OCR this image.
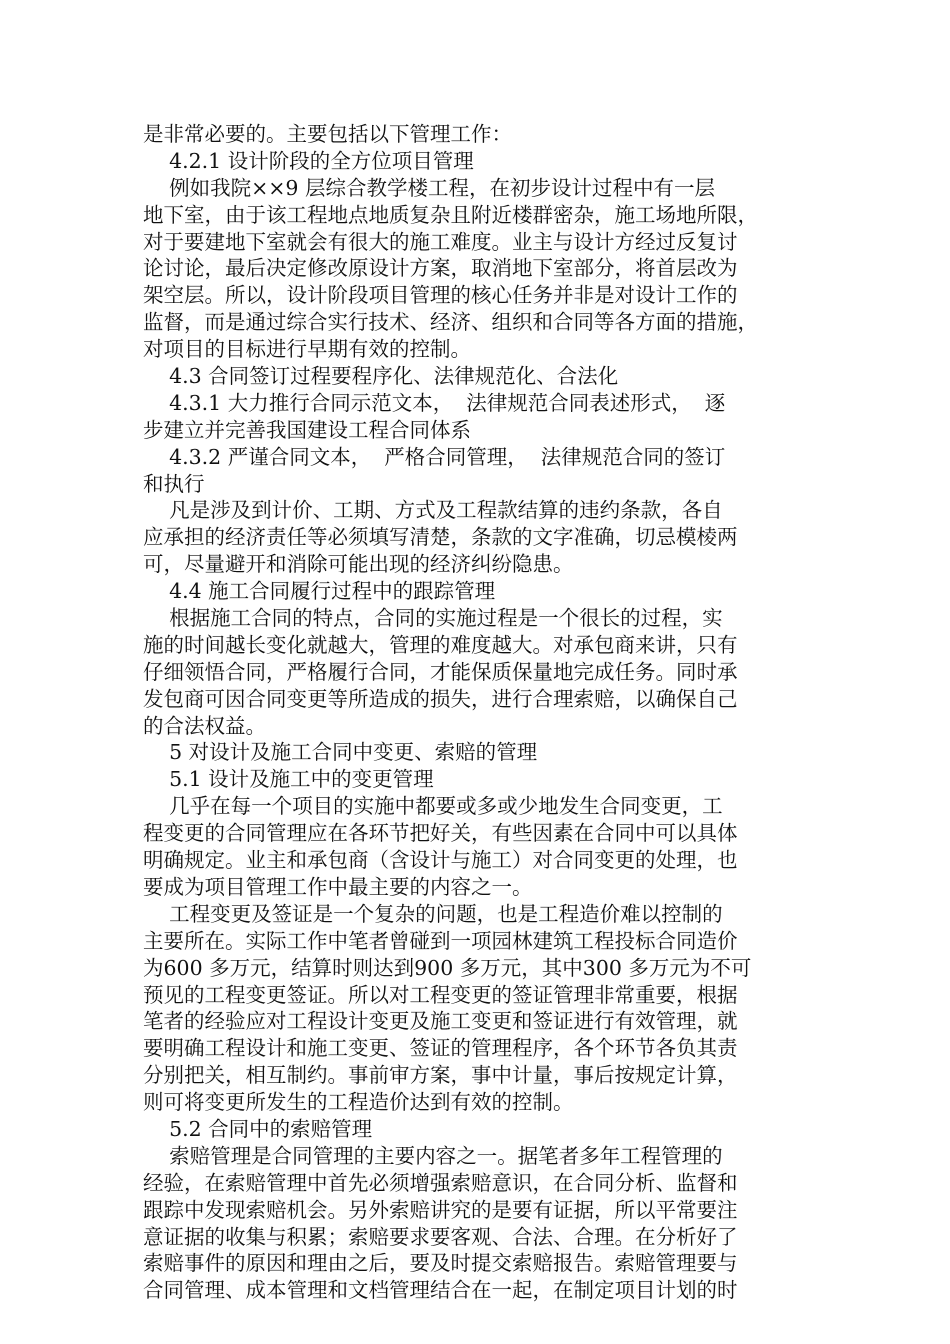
是非常必要的。主要包括以下管理工作：
4.2.1 设计阶段的全方位项目管理
例如我院××9 层综合教学楼工程，在初步设计过程中有一层
地下室，由于该工程地点地质复杂且附近楼群密杂，施工场地所限，
对于要建地下室就会有很大的施工难度。业主与设计方经过反复讨
论讨论，最后决定修改原设计方案，取消地下室部分，将首层改为
架空层。所以，设计阶段项目管理的核心任务并非是对设计工作的
监督，而是通过综合实行技术、经济、组织和合同等各方面的措施，
对项目的目标进行早期有效的控制。
4.3 合同签订过程要程序化、法律规范化、合法化
4.3.1 大力推行合同示范文本，  法律规范合同表述形式，  逐
步建立并完善我国建设工程合同体系
4.3.2 严谨合同文本，  严格合同管理，  法律规范合同的签订
和执行
凡是涉及到计价、工期、方式及工程款结算的违约条款，各自
应承担的经济责任等必须填写清楚，条款的文字准确，切忌模棱两
可，尽量避开和消除可能出现的经济纠纷隐患。
4.4 施工合同履行过程中的跟踪管理
根据施工合同的特点，合同的实施过程是一个很长的过程，实
施的时间越长变化就越大，管理的难度越大。对承包商来讲，只有
仔细领悟合同，严格履行合同，才能保质保量地完成任务。同时承
发包商可因合同变更等所造成的损失，进行合理索赔，以确保自己
的合法权益。
5 对设计及施工合同中变更、索赔的管理
5.1 设计及施工中的变更管理
几乎在每一个项目的实施中都要或多或少地发生合同变更，工
程变更的合同管理应在各环节把好关，有些因素在合同中可以具体
明确规定。业主和承包商（含设计与施工）对合同变更的处理，也
要成为项目管理工作中最主要的内容之一。
工程变更及签证是一个复杂的问题，也是工程造价难以控制的
主要所在。实际工作中笔者曾碰到一项园林建筑工程投标合同造价
为600 多万元，结算时则达到900 多万元，其中300 多万元为不可
预见的工程变更签证。所以对工程变更的签证管理非常重要，根据
笔者的经验应对工程设计变更及施工变更和签证进行有效管理，就
要明确工程设计和施工变更、签证的管理程序，各个环节各负其责
分别把关，相互制约。事前审方案，事中计量，事后按规定计算，
则可将变更所发生的工程造价达到有效的控制。
5.2 合同中的索赔管理
索赔管理是合同管理的主要内容之一。据笔者多年工程管理的
经验，在索赔管理中首先必须增强索赔意识，在合同分析、监督和
跟踪中发现索赔机会。另外索赔讲究的是要有证据，所以平常要注
意证据的收集与积累；索赔要求要客观、合法、合理。在分析好了
索赔事件的原因和理由之后，要及时提交索赔报告。索赔管理要与
合同管理、成本管理和文档管理结合在一起，在制定项目计划的时
